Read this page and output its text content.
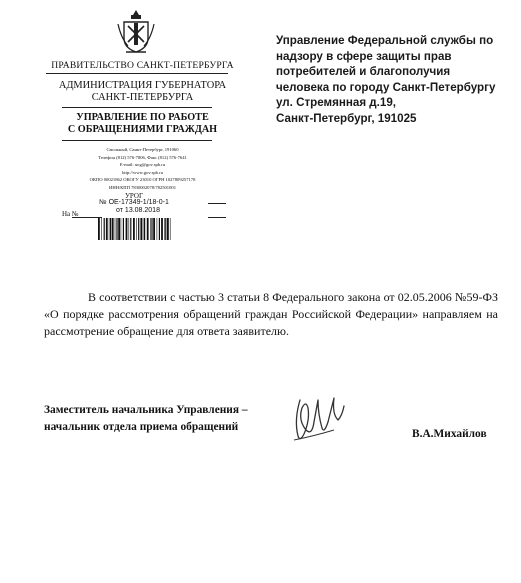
ПРАВИТЕЛЬСТВО САНКТ-ПЕТЕРБУРГА
АДМИНИСТРАЦИЯ ГУБЕРНАТОРА
САНКТ-ПЕТЕРБУРГА
УПРАВЛЕНИЕ ПО РАБОТЕ
С ОБРАЩЕНИЯМИ ГРАЖДАН
Смольный, Санкт-Петербург, 191060
Телефон (812) 576-7806, Факс (812) 576-7641
E-mail: uog@gov.spb.ru
http://www.gov.spb.ru
ОКПО 00021862 ОКОГУ 23010 ОГРН 1027809257178
ИНН/КПП 7830002078/782501001
УРОГ
№ ОЕ-17349-1/18-0-1
от 13.08.2018
На №
Управление Федеральной службы по
надзору в сфере защиты прав
потребителей и благополучия
человека по городу Санкт-Петербургу
ул. Стремянная д.19,
Санкт-Петербург, 191025
В соответствии с частью 3 статьи 8 Федерального закона от 02.05.2006 №59-ФЗ «О порядке рассмотрения обращений граждан Российской Федерации» направляем на рассмотрение обращение для ответа заявителю.
Заместитель начальника Управления –
начальник отдела приема обращений
В.А.Михайлов
